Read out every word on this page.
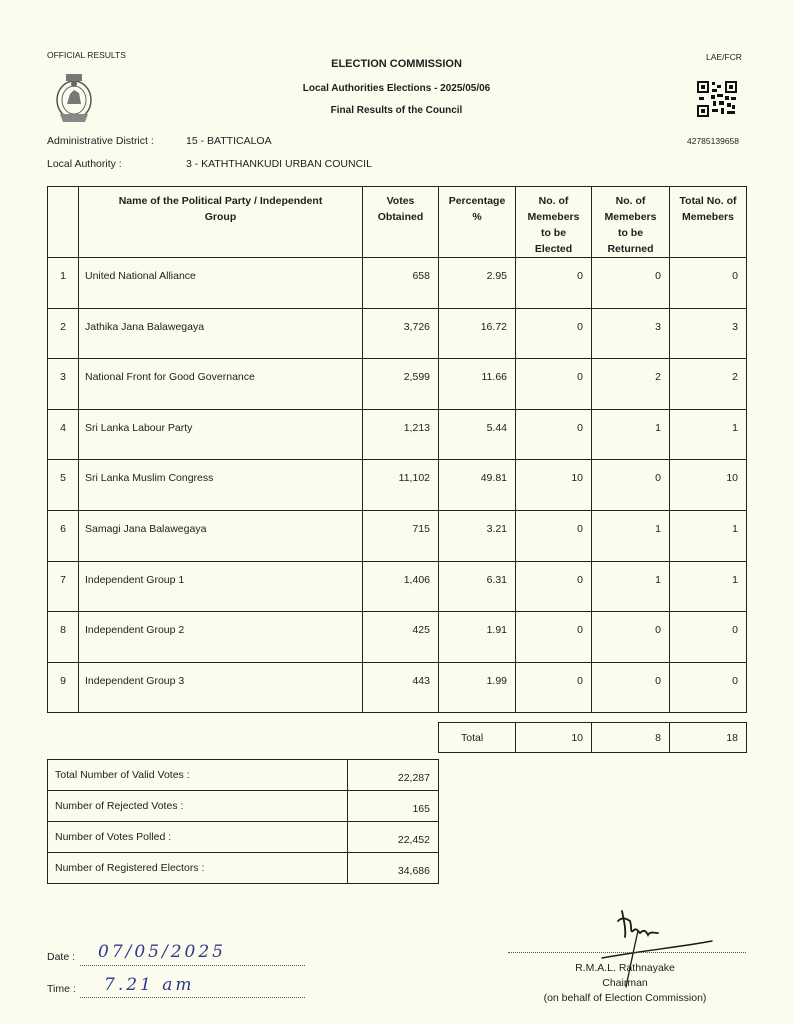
OFFICIAL RESULTS	LAE/FCR
ELECTION COMMISSION
Local Authorities Elections - 2025/05/06
Final Results of the Council
42785139658
Administrative District :	15 - BATTICALOA
Local Authority :	3 - KATHTHANKUDI URBAN COUNCIL
	Name of the Political Party / Independent Group	Votes Obtained	Percentage %	No. of Memebers to be Elected	No. of Memebers to be Returned	Total No. of Memebers
1	United National Alliance	658	2.95	0	0	0
2	Jathika Jana Balawegaya	3,726	16.72	0	3	3
3	National Front for Good Governance	2,599	11.66	0	2	2
4	Sri Lanka Labour Party	1,213	5.44	0	1	1
5	Sri Lanka Muslim Congress	11,102	49.81	10	0	10
6	Samagi Jana Balawegaya	715	3.21	0	1	1
7	Independent Group 1	1,406	6.31	0	1	1
8	Independent Group 2	425	1.91	0	0	0
9	Independent Group 3	443	1.99	0	0	0
Total	10	8	18
Total Number of Valid Votes :	22,287
Number of Rejected Votes :	165
Number of Votes Polled :	22,452
Number of Registered Electors :	34,686
Date : 07/05/2025
Time : 7.21 am
R.M.A.L. Rathnayake
Chairman
(on behalf of Election Commission)
